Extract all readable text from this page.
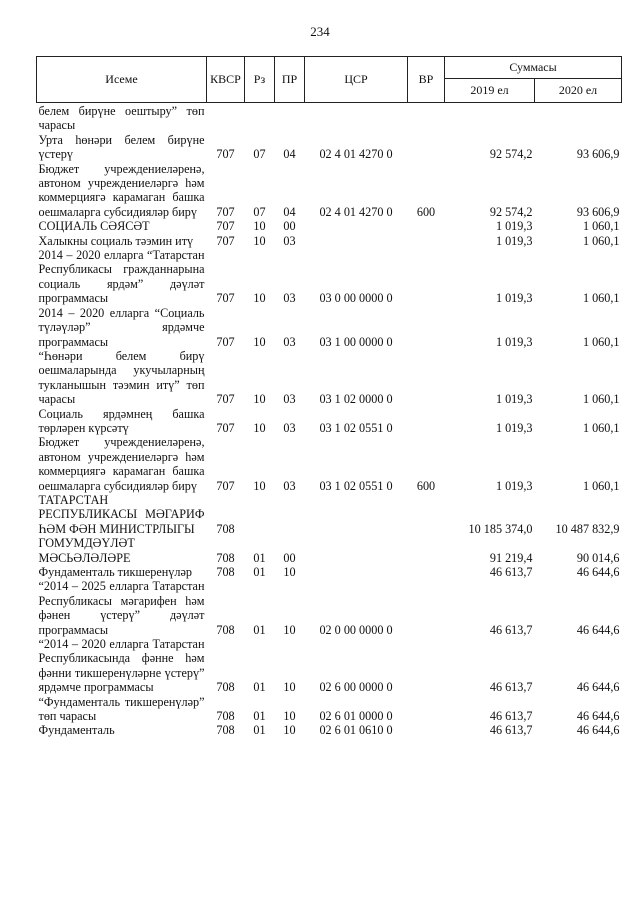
234
Исеме	КВСР	Рз	ПР	ЦСР	ВР	Суммасы	
						2019 ел	2020 ел
белем бирүне оештыру” төп чарасы							
Урта һөнәри белем бирүне үстерү	707	07	04	02 4 01 4270 0		92 574,2	93 606,9
Бюджет учреждениеләренә, автоном учреждениеләргә һәм коммерциягә карамаган башка оешмаларга субсидияләр бирү	707	07	04	02 4 01 4270 0	600	92 574,2	93 606,9
СОЦИАЛЬ СӘЯСӘТ	707	10	00			1 019,3	1 060,1
Халыкны социаль тәэмин итү	707	10	03			1 019,3	1 060,1
2014 – 2020 елларга “Татарстан Республикасы гражданнарына социаль ярдәм” дәүләт программасы	707	10	03	03 0 00 0000 0		1 019,3	1 060,1
2014 – 2020 елларга “Социаль түләүләр” ярдәмче программасы	707	10	03	03 1 00 0000 0		1 019,3	1 060,1
“Һөнәри белем бирү оешмаларында укучыларның тукланышын тәэмин итү” төп чарасы	707	10	03	03 1 02 0000 0		1 019,3	1 060,1
Социаль ярдәмнең башка төрләрен күрсәтү	707	10	03	03 1 02 0551 0		1 019,3	1 060,1
Бюджет учреждениеләренә, автоном учреждениеләргә һәм коммерциягә карамаган башка оешмаларга субсидияләр бирү	707	10	03	03 1 02 0551 0	600	1 019,3	1 060,1
ТАТАРСТАН РЕСПУБЛИКАСЫ МӘГАРИФ ҺӘМ ФӘН МИНИСТРЛЫГЫ	708					10 185 374,0	10 487 832,9
ГОМУМДӘҮЛӘТ МӘСЬӘЛӘЛӘРЕ	708	01	00			91 219,4	90 014,6
Фундаменталь тикшеренүләр	708	01	10			46 613,7	46 644,6
“2014 – 2025 елларга Татарстан Республикасы мәгарифен һәм фәнен үстерү” дәүләт программасы	708	01	10	02 0 00 0000 0		46 613,7	46 644,6
“2014 – 2020 елларга Татарстан Республикасында фәнне һәм фәнни тикшеренүләрне үстерү” ярдәмче программасы	708	01	10	02 6 00 0000 0		46 613,7	46 644,6
“Фундаменталь тикшеренүләр” төп чарасы	708	01	10	02 6 01 0000 0		46 613,7	46 644,6
Фундаменталь	708	01	10	02 6 01 0610 0		46 613,7	46 644,6
